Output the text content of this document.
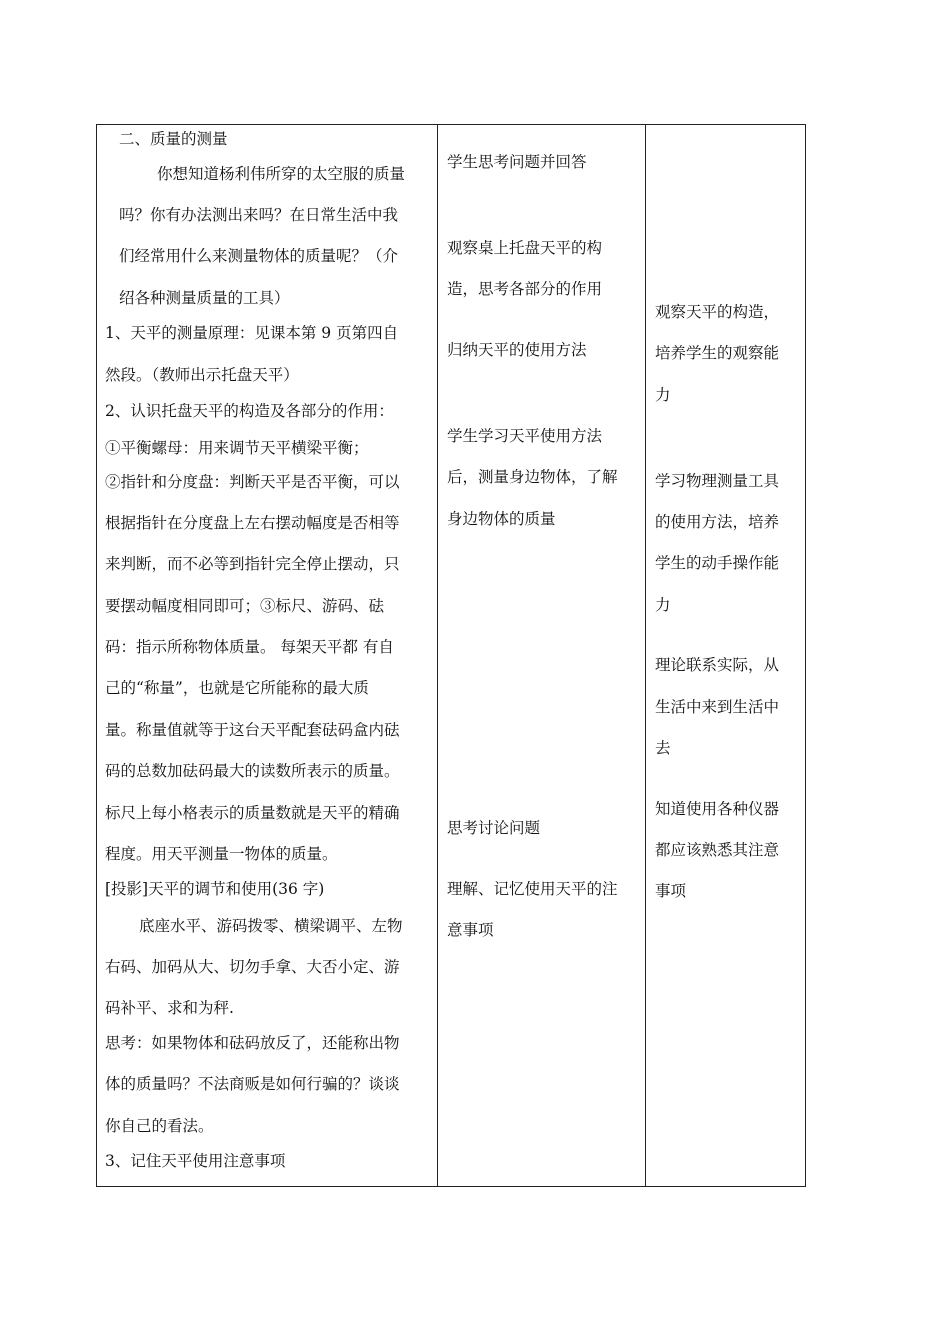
二、质量的测量
你想知道杨利伟所穿的太空服的质量
吗？你有办法测出来吗？在日常生活中我
们经常用什么来测量物体的质量呢？（介
绍各种测量质量的工具）
1、天平的测量原理：见课本第 9 页第四自
然段。（教师出示托盘天平）
2、认识托盘天平的构造及各部分的作用：
①平衡螺母：用来调节天平横梁平衡；
②指针和分度盘：判断天平是否平衡，可以
根据指针在分度盘上左右摆动幅度是否相等
来判断，而不必等到指针完全停止摆动，只
要摆动幅度相同即可；③标尺、游码、砝
码：指示所称物体质量。 每架天平都 有自
己的“称量”，也就是它所能称的最大质
量。称量值就等于这台天平配套砝码盒内砝
码的总数加砝码最大的读数所表示的质量。
标尺上每小格表示的质量数就是天平的精确
程度。用天平测量一物体的质量。
[投影]天平的调节和使用(36 字)
底座水平、游码拨零、横梁调平、左物
右码、加码从大、切勿手拿、大否小定、游
码补平、求和为秤.
思考：如果物体和砝码放反了，还能称出物
体的质量吗？不法商贩是如何行骗的？谈谈
你自己的看法。
3、记住天平使用注意事项
学生思考问题并回答
观察桌上托盘天平的构
造，思考各部分的作用
归纳天平的使用方法
学生学习天平使用方法
后，测量身边物体，了解
身边物体的质量
思考讨论问题
理解、记忆使用天平的注
意事项
观察天平的构造，
培养学生的观察能
力
学习物理测量工具
的使用方法，培养
学生的动手操作能
力
理论联系实际，从
生活中来到生活中
去
知道使用各种仪器
都应该熟悉其注意
事项
